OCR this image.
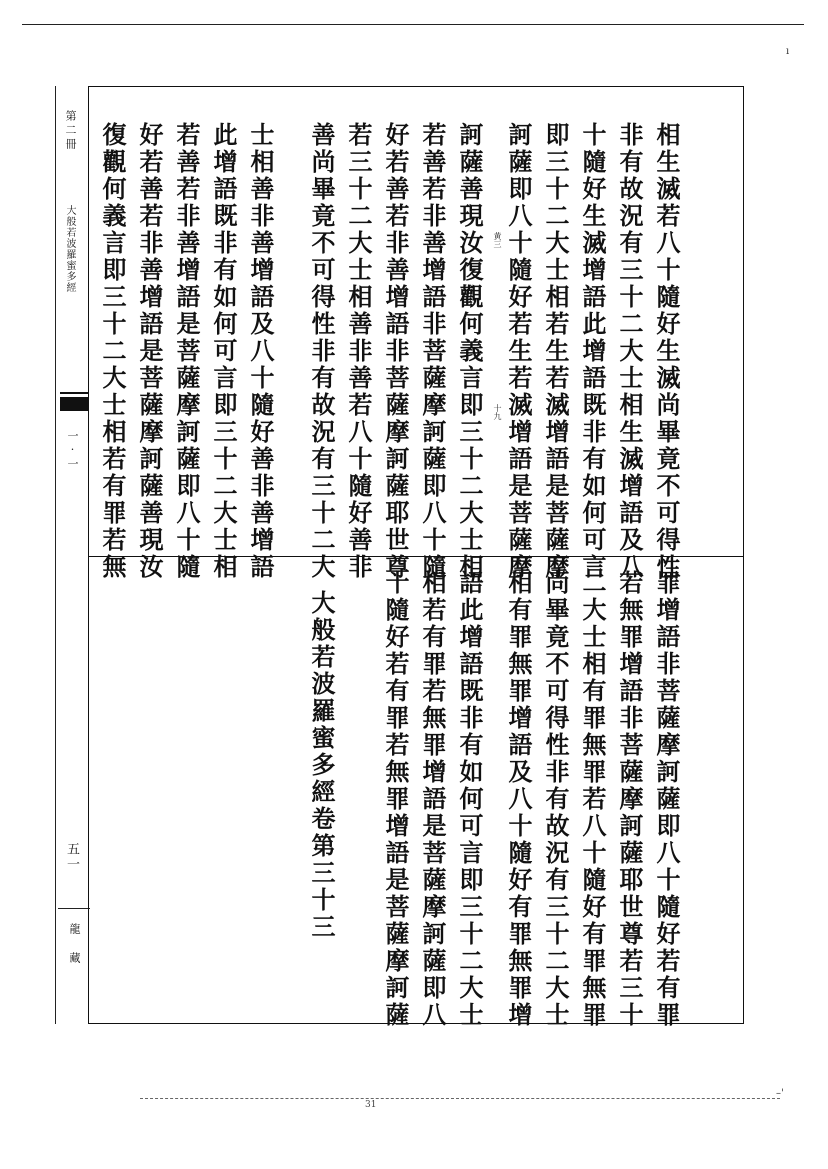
ı
第二冊
大般若波羅蜜多經
一·一
五一
龍藏
相生滅若八十隨好生滅尚畢竟不可得性
非有故況有三十二大士相生滅增語及八
十隨好生滅增語此增語既非有如何可言
即三十二大士相若生若滅增語是菩薩摩
訶薩即八十隨好若生若滅增語是菩薩摩
訶薩善現汝復觀何義言即三十二大士相
若善若非善增語非菩薩摩訶薩即八十隨
好若善若非善增語非菩薩摩訶薩耶世尊
若三十二大士相善非善若八十隨好善非
善尚畢竟不可得性非有故況有三十二大
士相善非善增語及八十隨好善非善增語
此增語既非有如何可言即三十二大士相
若善若非善增語是菩薩摩訶薩即八十隨
好若善若非善增語是菩薩摩訶薩善現汝
復觀何義言即三十二大士相若有罪若無	黄三
十九
罪增語非菩薩摩訶薩即八十隨好若有罪
若無罪增語非菩薩摩訶薩耶世尊若三十
二大士相有罪無罪若八十隨好有罪無罪
尚畢竟不可得性非有故況有三十二大士
相有罪無罪增語及八十隨好有罪無罪增
語此增語既非有如何可言即三十二大士
相若有罪若無罪增語是菩薩摩訶薩即八
十隨好若有罪若無罪增語是菩薩摩訶薩
大般若波羅蜜多經卷第三十三
31
–'
